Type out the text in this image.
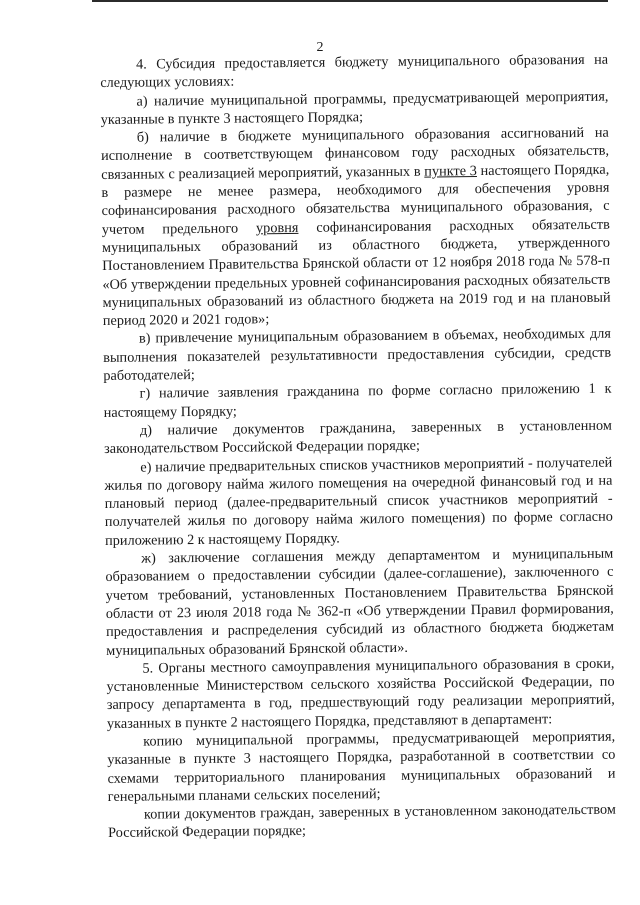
2

4. Субсидия предоставляется бюджету муниципального образования на следующих условиях:

а) наличие муниципальной программы, предусматривающей мероприятия, указанные в пункте 3 настоящего Порядка;

б) наличие в бюджете муниципального образования ассигнований на исполнение в соответствующем финансовом году расходных обязательств, связанных с реализацией мероприятий, указанных в пункте 3 настоящего Порядка, в размере не менее размера, необходимого для обеспечения уровня софинансирования расходного обязательства муниципального образования, с учетом предельного уровня софинансирования расходных обязательств муниципальных образований из областного бюджета, утвержденного Постановлением Правительства Брянской области от 12 ноября 2018 года № 578-п «Об утверждении предельных уровней софинансирования расходных обязательств муниципальных образований из областного бюджета на 2019 год и на плановый период 2020 и 2021 годов»;

в) привлечение муниципальным образованием в объемах, необходимых для выполнения показателей результативности предоставления субсидии, средств работодателей;

г) наличие заявления гражданина по форме согласно приложению 1 к настоящему Порядку;

д) наличие документов гражданина, заверенных в установленном законодательством Российской Федерации порядке;

е) наличие предварительных списков участников мероприятий - получателей жилья по договору найма жилого помещения на очередной финансовый год и на плановый период (далее-предварительный список участников мероприятий - получателей жилья по договору найма жилого помещения) по форме согласно приложению 2 к настоящему Порядку.

ж) заключение соглашения между департаментом и муниципальным образованием о предоставлении субсидии (далее-соглашение), заключенного с учетом требований, установленных Постановлением Правительства Брянской области от 23 июля 2018 года № 362-п «Об утверждении Правил формирования, предоставления и распределения субсидий из областного бюджета бюджетам муниципальных образований Брянской области».

5. Органы местного самоуправления муниципального образования в сроки, установленные Министерством сельского хозяйства Российской Федерации, по запросу департамента в год, предшествующий году реализации мероприятий, указанных в пункте 2 настоящего Порядка, представляют в департамент:

копию муниципальной программы, предусматривающей мероприятия, указанные в пункте 3 настоящего Порядка, разработанной в соответствии со схемами территориального планирования муниципальных образований и генеральными планами сельских поселений;

копии документов граждан, заверенных в установленном законодательством Российской Федерации порядке;
